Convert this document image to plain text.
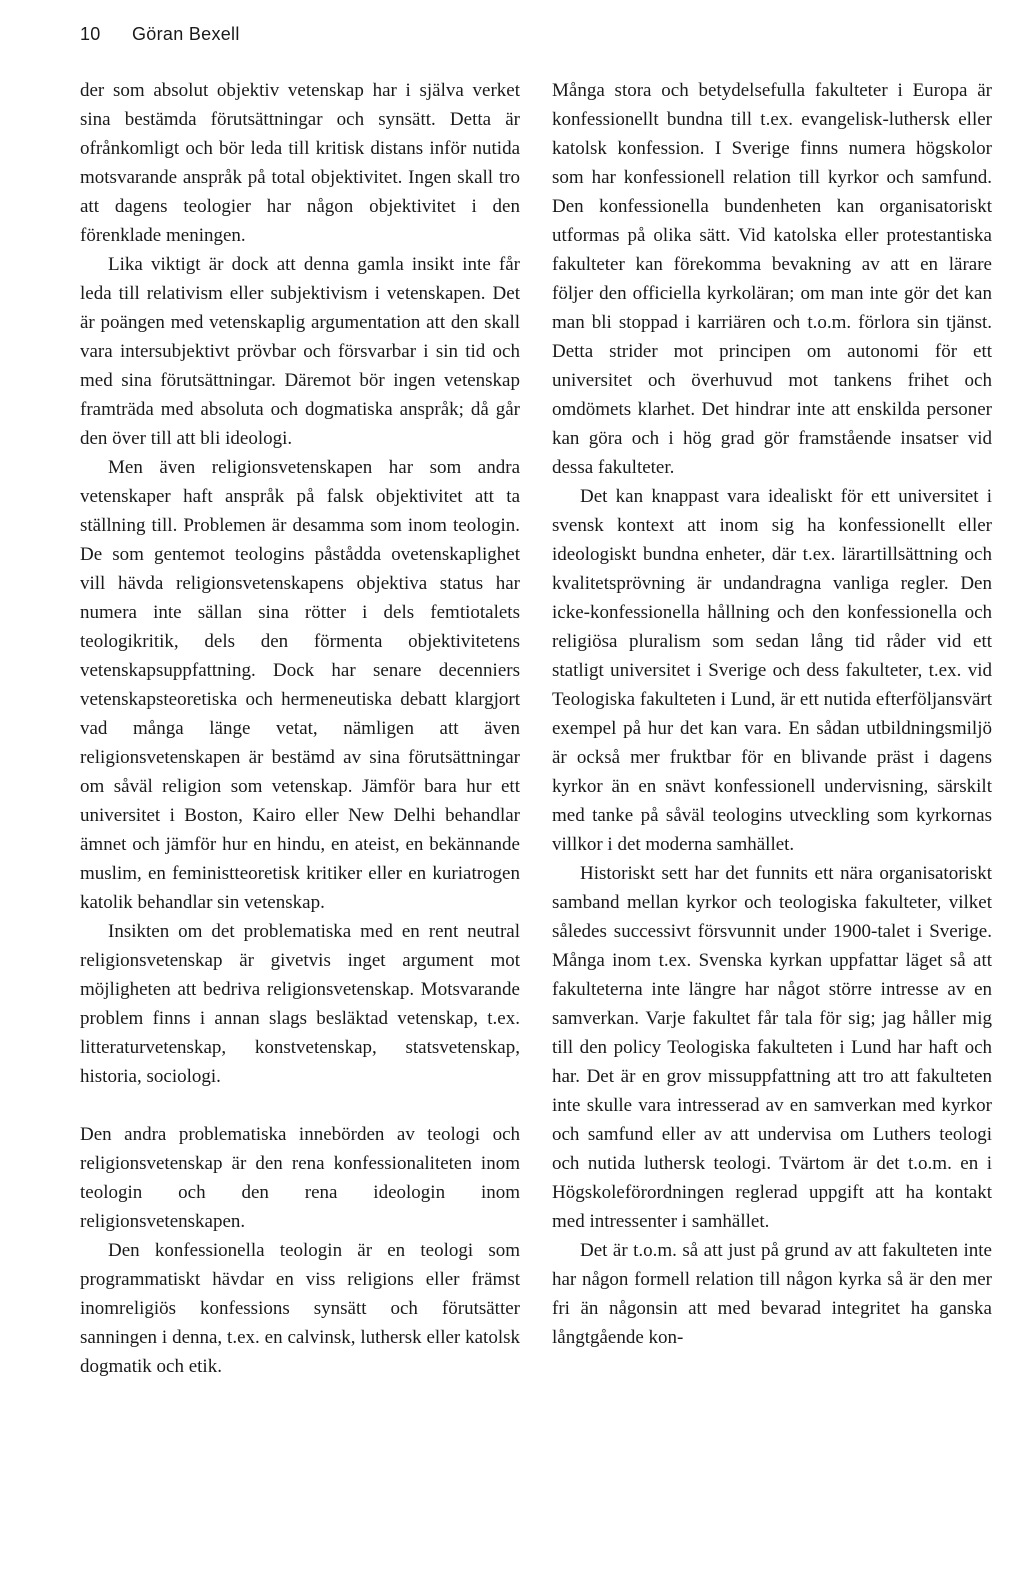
10 Göran Bexell

der som absolut objektiv vetenskap har i själva verket sina bestämda förutsättningar och synsätt. Detta är ofrånkomligt och bör leda till kritisk distans inför nutida motsvarande anspråk på total objektivitet. Ingen skall tro att dagens teologier har någon objektivitet i den förenklade meningen.

Lika viktigt är dock att denna gamla insikt inte får leda till relativism eller subjektivism i vetenskapen. Det är poängen med vetenskaplig argumentation att den skall vara intersubjektivt prövbar och försvarbar i sin tid och med sina förutsättningar. Däremot bör ingen vetenskap framträda med absoluta och dogmatiska anspråk; då går den över till att bli ideologi.

Men även religionsvetenskapen har som andra vetenskaper haft anspråk på falsk objektivitet att ta ställning till. Problemen är desamma som inom teologin. De som gentemot teologins påstådda ovetenskaplighet vill hävda religionsvetenskapens objektiva status har numera inte sällan sina rötter i dels femtiotalets teologikritik, dels den förmenta objektivitetens vetenskapsuppfattning. Dock har senare decenniers vetenskapsteoretiska och hermeneutiska debatt klargjort vad många länge vetat, nämligen att även religionsvetenskapen är bestämd av sina förutsättningar om såväl religion som vetenskap. Jämför bara hur ett universitet i Boston, Kairo eller New Delhi behandlar ämnet och jämför hur en hindu, en ateist, en bekännande muslim, en feministteoretisk kritiker eller en kuriatrogen katolik behandlar sin vetenskap.

Insikten om det problematiska med en rent neutral religionsvetenskap är givetvis inget argument mot möjligheten att bedriva religionsvetenskap. Motsvarande problem finns i annan slags besläktad vetenskap, t.ex. litteraturvetenskap, konstvetenskap, statsvetenskap, historia, sociologi.

Den andra problematiska innebörden av teologi och religionsvetenskap är den rena konfessionaliteten inom teologin och den rena ideologin inom religionsvetenskapen.

Den konfessionella teologin är en teologi som programmatiskt hävdar en viss religions eller främst inomreligiös konfessions synsätt och förutsätter sanningen i denna, t.ex. en calvinsk, luthersk eller katolsk dogmatik och etik.

Många stora och betydelsefulla fakulteter i Europa är konfessionellt bundna till t.ex. evangelisk-luthersk eller katolsk konfession. I Sverige finns numera högskolor som har konfessionell relation till kyrkor och samfund. Den konfessionella bundenheten kan organisatoriskt utformas på olika sätt. Vid katolska eller protestantiska fakulteter kan förekomma bevakning av att en lärare följer den officiella kyrkoläran; om man inte gör det kan man bli stoppad i karriären och t.o.m. förlora sin tjänst. Detta strider mot principen om autonomi för ett universitet och överhuvud mot tankens frihet och omdömets klarhet. Det hindrar inte att enskilda personer kan göra och i hög grad gör framstående insatser vid dessa fakulteter.

Det kan knappast vara idealiskt för ett universitet i svensk kontext att inom sig ha konfessionellt eller ideologiskt bundna enheter, där t.ex. lärartillsättning och kvalitetsprövning är undandragna vanliga regler. Den icke-konfessionella hållning och den konfessionella och religiösa pluralism som sedan lång tid råder vid ett statligt universitet i Sverige och dess fakulteter, t.ex. vid Teologiska fakulteten i Lund, är ett nutida efterföljansvärt exempel på hur det kan vara. En sådan utbildningsmiljö är också mer fruktbar för en blivande präst i dagens kyrkor än en snävt konfessionell undervisning, särskilt med tanke på såväl teologins utveckling som kyrkornas villkor i det moderna samhället.

Historiskt sett har det funnits ett nära organisatoriskt samband mellan kyrkor och teologiska fakulteter, vilket således successivt försvunnit under 1900-talet i Sverige. Många inom t.ex. Svenska kyrkan uppfattar läget så att fakulteterna inte längre har något större intresse av en samverkan. Varje fakultet får tala för sig; jag håller mig till den policy Teologiska fakulteten i Lund har haft och har. Det är en grov missuppfattning att tro att fakulteten inte skulle vara intresserad av en samverkan med kyrkor och samfund eller av att undervisa om Luthers teologi och nutida luthersk teologi. Tvärtom är det t.o.m. en i Högskoleförordningen reglerad uppgift att ha kontakt med intressenter i samhället.

Det är t.o.m. så att just på grund av att fakulteten inte har någon formell relation till någon kyrka så är den mer fri än någonsin att med bevarad integritet ha ganska långtgående kon-
